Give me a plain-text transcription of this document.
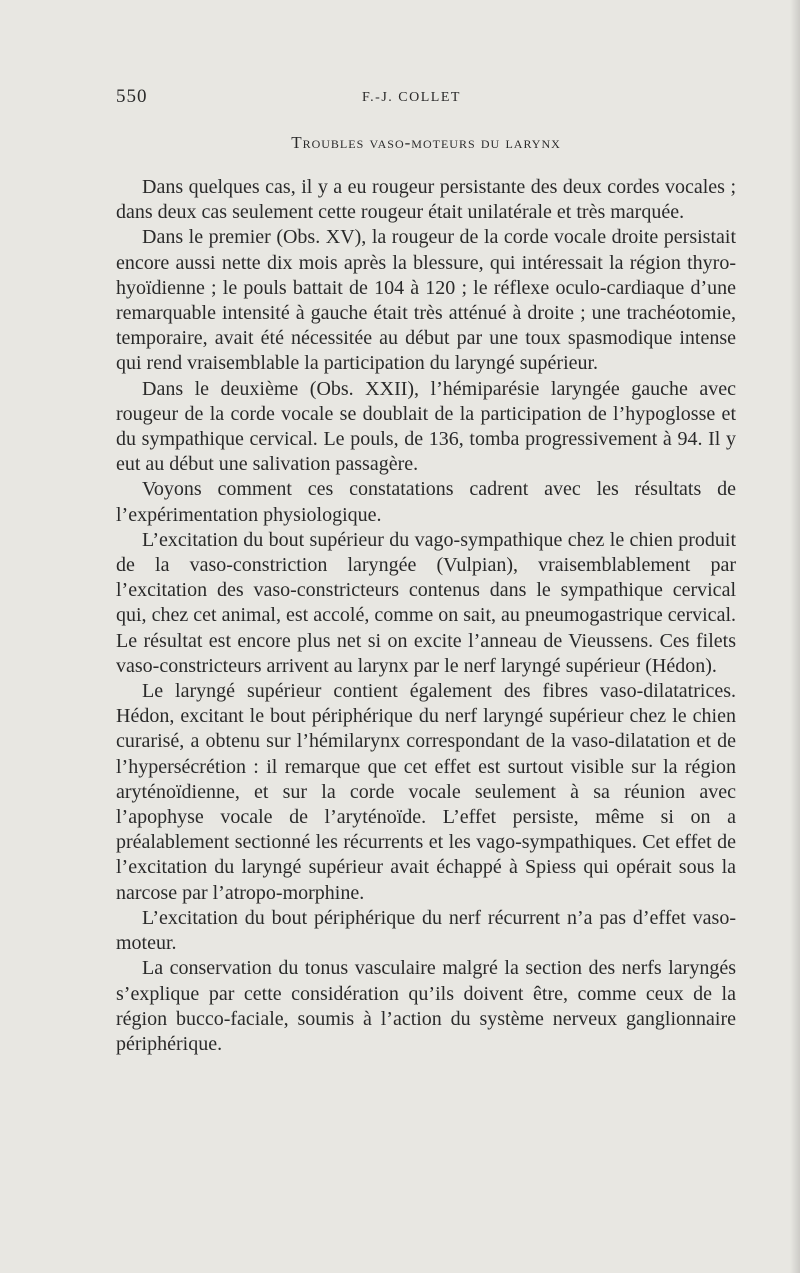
550	F.-J. COLLET
Troubles vaso-moteurs du larynx

Dans quelques cas, il y a eu rougeur persistante des deux cordes vocales ; dans deux cas seulement cette rougeur était unilatérale et très marquée.

Dans le premier (Obs. XV), la rougeur de la corde vocale droite persistait encore aussi nette dix mois après la blessure, qui intéressait la région thyro-hyoïdienne ; le pouls battait de 104 à 120 ; le réflexe oculo-cardiaque d’une remarquable intensité à gauche était très atténué à droite ; une trachéotomie, temporaire, avait été nécessitée au début par une toux spasmodique intense qui rend vraisemblable la participation du laryngé supérieur.

Dans le deuxième (Obs. XXII), l’hémiparésie laryngée gauche avec rougeur de la corde vocale se doublait de la participation de l’hypoglosse et du sympathique cervical. Le pouls, de 136, tomba progressivement à 94. Il y eut au début une salivation passagère.

Voyons comment ces constatations cadrent avec les résultats de l’expérimentation physiologique.

L’excitation du bout supérieur du vago-sympathique chez le chien produit de la vaso-constriction laryngée (Vulpian), vraisemblablement par l’excitation des vaso-constricteurs contenus dans le sympathique cervical qui, chez cet animal, est accolé, comme on sait, au pneumogastrique cervical. Le résultat est encore plus net si on excite l’anneau de Vieussens. Ces filets vaso-constricteurs arrivent au larynx par le nerf laryngé supérieur (Hédon).

Le laryngé supérieur contient également des fibres vaso-dilatatrices. Hédon, excitant le bout périphérique du nerf laryngé supérieur chez le chien curarisé, a obtenu sur l’hémilarynx correspondant de la vaso-dilatation et de l’hypersécrétion : il remarque que cet effet est surtout visible sur la région aryténoïdienne, et sur la corde vocale seulement à sa réunion avec l’apophyse vocale de l’aryténoïde. L’effet persiste, même si on a préalablement sectionné les récurrents et les vago-sympathiques. Cet effet de l’excitation du laryngé supérieur avait échappé à Spiess qui opérait sous la narcose par l’atropo-morphine.

L’excitation du bout périphérique du nerf récurrent n’a pas d’effet vaso-moteur.

La conservation du tonus vasculaire malgré la section des nerfs laryngés s’explique par cette considération qu’ils doivent être, comme ceux de la région bucco-faciale, soumis à l’action du système nerveux ganglionnaire périphérique.
